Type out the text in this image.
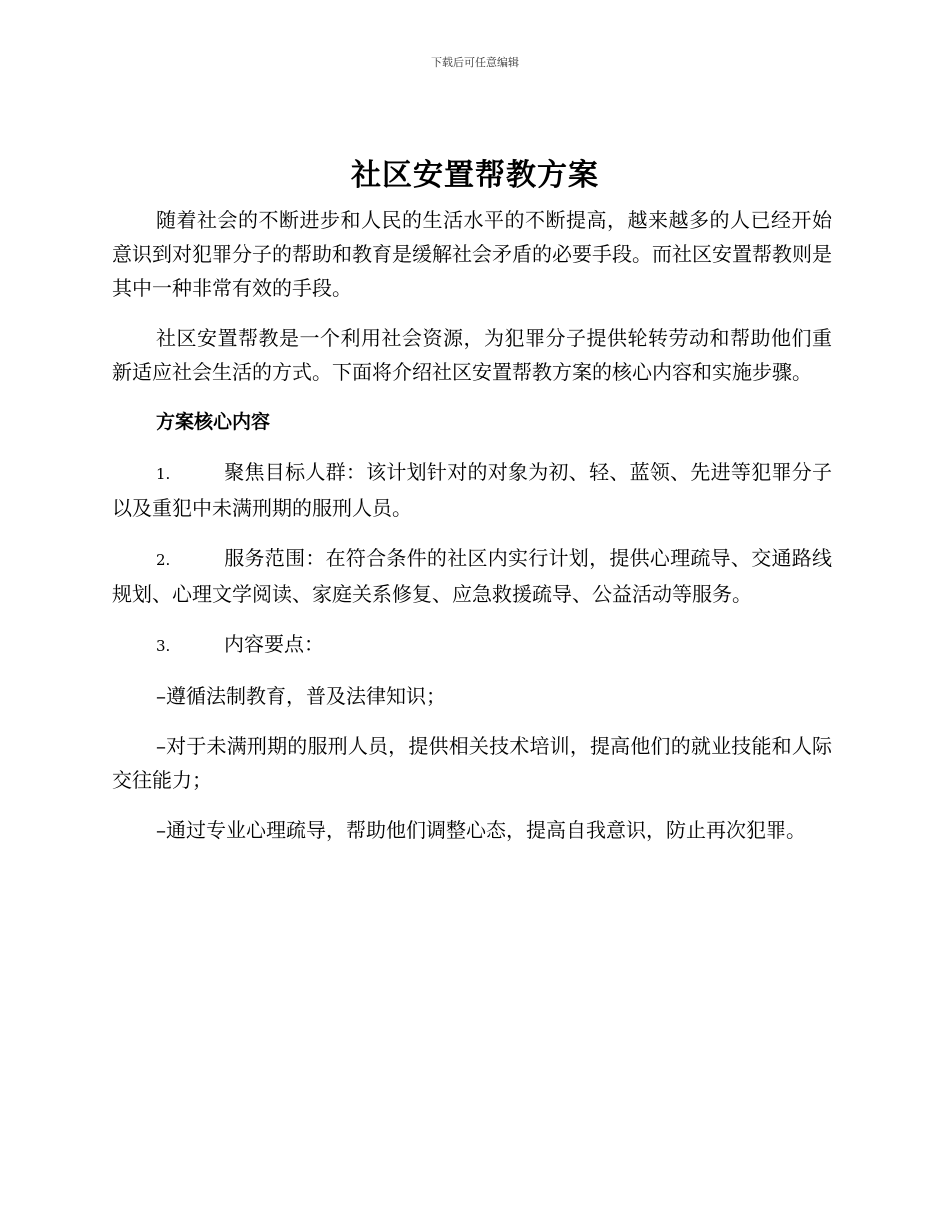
下载后可任意编辑
社区安置帮教方案

随着社会的不断进步和人民的生活水平的不断提高，越来越多的人已经开始意识到对犯罪分子的帮助和教育是缓解社会矛盾的必要手段。而社区安置帮教则是其中一种非常有效的手段。

社区安置帮教是一个利用社会资源，为犯罪分子提供轮转劳动和帮助他们重新适应社会生活的方式。下面将介绍社区安置帮教方案的核心内容和实施步骤。

方案核心内容

1.	聚焦目标人群：该计划针对的对象为初、轻、蓝领、先进等犯罪分子以及重犯中未满刑期的服刑人员。

2.	服务范围：在符合条件的社区内实行计划，提供心理疏导、交通路线规划、心理文学阅读、家庭关系修复、应急救援疏导、公益活动等服务。

3.	内容要点：

–遵循法制教育，普及法律知识；

–对于未满刑期的服刑人员，提供相关技术培训，提高他们的就业技能和人际交往能力；

–通过专业心理疏导，帮助他们调整心态，提高自我意识，防止再次犯罪。
